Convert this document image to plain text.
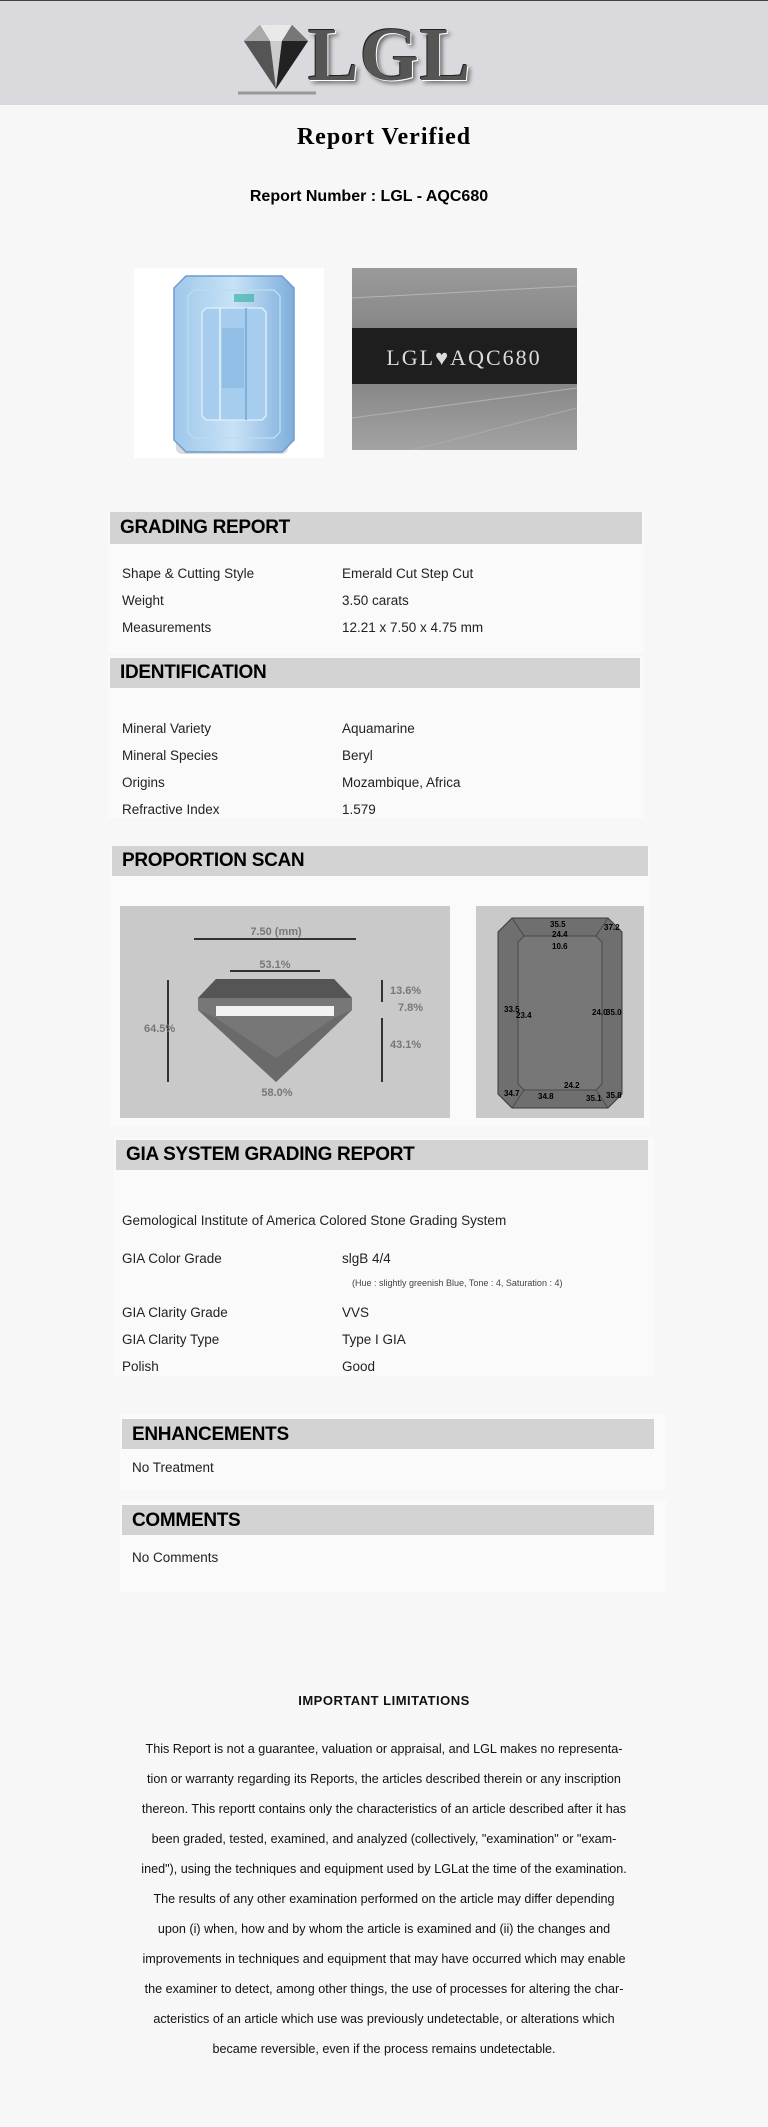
LGL
Report Verified
Report Number : LGL - AQC680
LGL♥AQC680
GRADING REPORT
Shape & Cutting Style	Emerald Cut Step Cut
Weight	3.50 carats
Measurements	12.21 x 7.50 x 4.75 mm
IDENTIFICATION
Mineral Variety	Aquamarine
Mineral Species	Beryl
Origins	Mozambique, Africa
Refractive Index	1.579
PROPORTION SCAN
7.50 (mm)
53.1%
64.5%
13.6%
7.8%
43.1%
58.0%
35.5
24.4
10.6
37.2
33.5
23.4	24.0
35.0
24.2
34.7 34.8	35.1 35.8
GIA SYSTEM GRADING REPORT
Gemological Institute of America Colored Stone Grading System
GIA Color Grade	slgB 4/4
(Hue : slightly greenish Blue, Tone : 4, Saturation : 4)
GIA Clarity Grade	VVS
GIA Clarity Type	Type I GIA
Polish	Good
ENHANCEMENTS
No Treatment
COMMENTS
No Comments
IMPORTANT LIMITATIONS
This Report is not a guarantee, valuation or appraisal, and LGL makes no representa-
tion or warranty regarding its Reports, the articles described therein or any inscription
thereon. This reportt contains only the characteristics of an article described after it has
been graded, tested, examined, and analyzed (collectively, "examination" or "exam-
ined"), using the techniques and equipment used by LGLat the time of the examination.
The results of any other examination performed on the article may differ depending
upon (i) when, how and by whom the article is examined and (ii) the changes and
improvements in techniques and equipment that may have occurred which may enable
the examiner to detect, among other things, the use of processes for altering the char-
acteristics of an article which use was previously undetectable, or alterations which
became reversible, even if the process remains undetectable.
